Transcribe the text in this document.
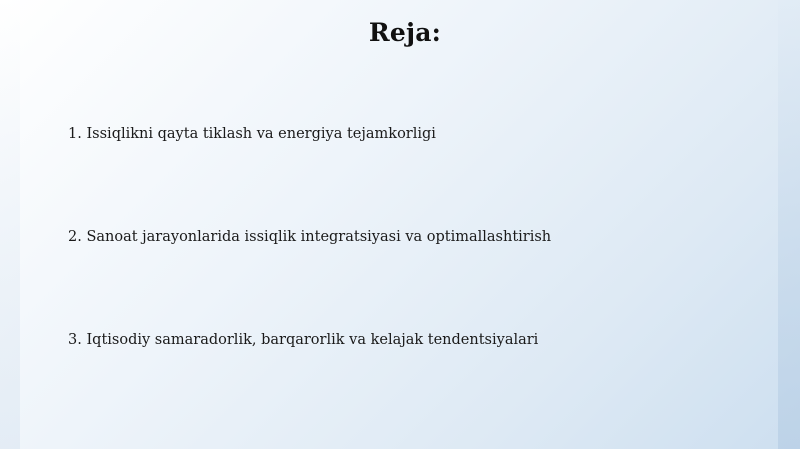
Reja:
1. Issiqlikni qayta tiklash va energiya tejamkorligi
2. Sanoat jarayonlarida issiqlik integratsiyasi va optimallashtirish
3. Iqtisodiy samaradorlik, barqarorlik va kelajak tendentsiyalari
